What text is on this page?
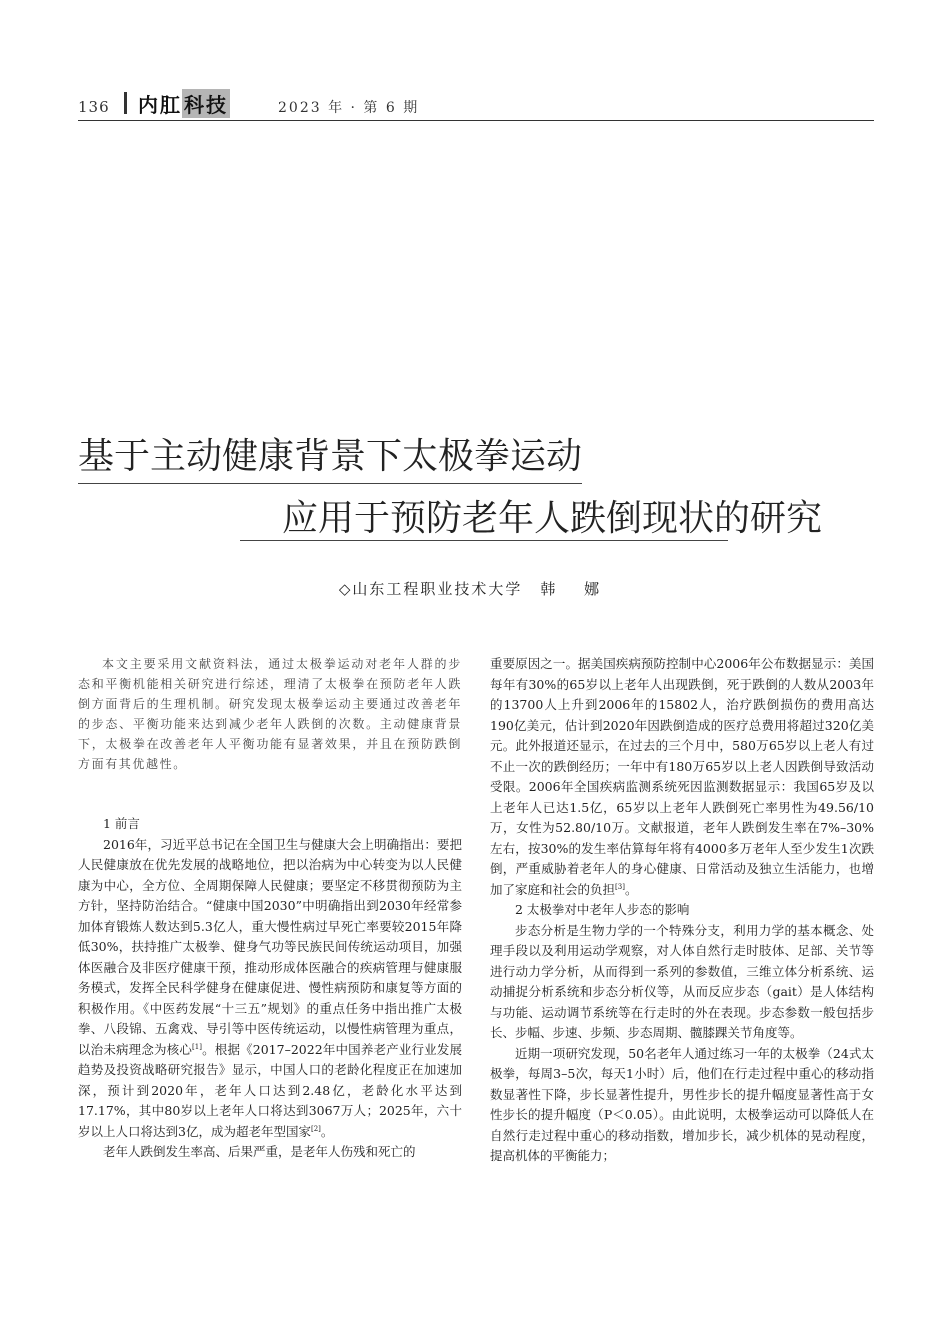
136 内肛 科技	2023 年 · 第 6 期
基于主动健康背景下太极拳运动
应用于预防老年人跌倒现状的研究
◇山东工程职业技术大学 韩 娜

本文主要采用文献资料法，通过太极拳运动对老年人群的步态和平衡机能相关研究进行综述，理清了太极拳在预防老年人跌倒方面背后的生理机制。研究发现太极拳运动主要通过改善老年的步态、平衡功能来达到减少老年人跌倒的次数。主动健康背景下，太极拳在改善老年人平衡功能有显著效果，并且在预防跌倒方面有其优越性。

1 前言

2016年，习近平总书记在全国卫生与健康大会上明确指出：要把人民健康放在优先发展的战略地位，把以治病为中心转变为以人民健康为中心，全方位、全周期保障人民健康；要坚定不移贯彻预防为主方针，坚持防治结合。“健康中国2030”中明确指出到2030年经常参加体育锻炼人数达到5.3亿人，重大慢性病过早死亡率要较2015年降低30%，扶持推广太极拳、健身气功等民族民间传统运动项目，加强体医融合及非医疗健康干预，推动形成体医融合的疾病管理与健康服务模式，发挥全民科学健身在健康促进、慢性病预防和康复等方面的积极作用。《中医药发展“十三五”规划》的重点任务中指出推广太极拳、八段锦、五禽戏、导引等中医传统运动，以慢性病管理为重点，以治未病理念为核心[1]。根据《2017–2022年中国养老产业行业发展趋势及投资战略研究报告》显示，中国人口的老龄化程度正在加速加深，预计到2020年，老年人口达到2.48亿，老龄化水平达到17.17%，其中80岁以上老年人口将达到3067万人；2025年，六十岁以上人口将达到3亿，成为超老年型国家[2]。

老年人跌倒发生率高、后果严重，是老年人伤残和死亡的

重要原因之一。据美国疾病预防控制中心2006年公布数据显示：美国每年有30%的65岁以上老年人出现跌倒，死于跌倒的人数从2003年的13700人上升到2006年的15802人，治疗跌倒损伤的费用高达190亿美元，估计到2020年因跌倒造成的医疗总费用将超过320亿美元。此外报道还显示，在过去的三个月中，580万65岁以上老人有过不止一次的跌倒经历；一年中有180万65岁以上老人因跌倒导致活动受限。2006年全国疾病监测系统死因监测数据显示：我国65岁及以上老年人已达1.5亿，65岁以上老年人跌倒死亡率男性为49.56/10万，女性为52.80/10万。文献报道，老年人跌倒发生率在7%–30%左右，按30%的发生率估算每年将有4000多万老年人至少发生1次跌倒，严重威胁着老年人的身心健康、日常活动及独立生活能力，也增加了家庭和社会的负担[3]。

2 太极拳对中老年人步态的影响

步态分析是生物力学的一个特殊分支，利用力学的基本概念、处理手段以及利用运动学观察，对人体自然行走时肢体、足部、关节等进行动力学分析，从而得到一系列的参数值，三维立体分析系统、运动捕捉分析系统和步态分析仪等，从而反应步态（gait）是人体结构与功能、运动调节系统等在行走时的外在表现。步态参数一般包括步长、步幅、步速、步频、步态周期、髋膝踝关节角度等。

近期一项研究发现，50名老年人通过练习一年的太极拳（24式太极拳，每周3–5次，每天1小时）后，他们在行走过程中重心的移动指数显著性下降，步长显著性提升，男性步长的提升幅度显著性高于女性步长的提升幅度（P＜0.05）。由此说明，太极拳运动可以降低人在自然行走过程中重心的移动指数，增加步长，减少机体的晃动程度，提高机体的平衡能力；
